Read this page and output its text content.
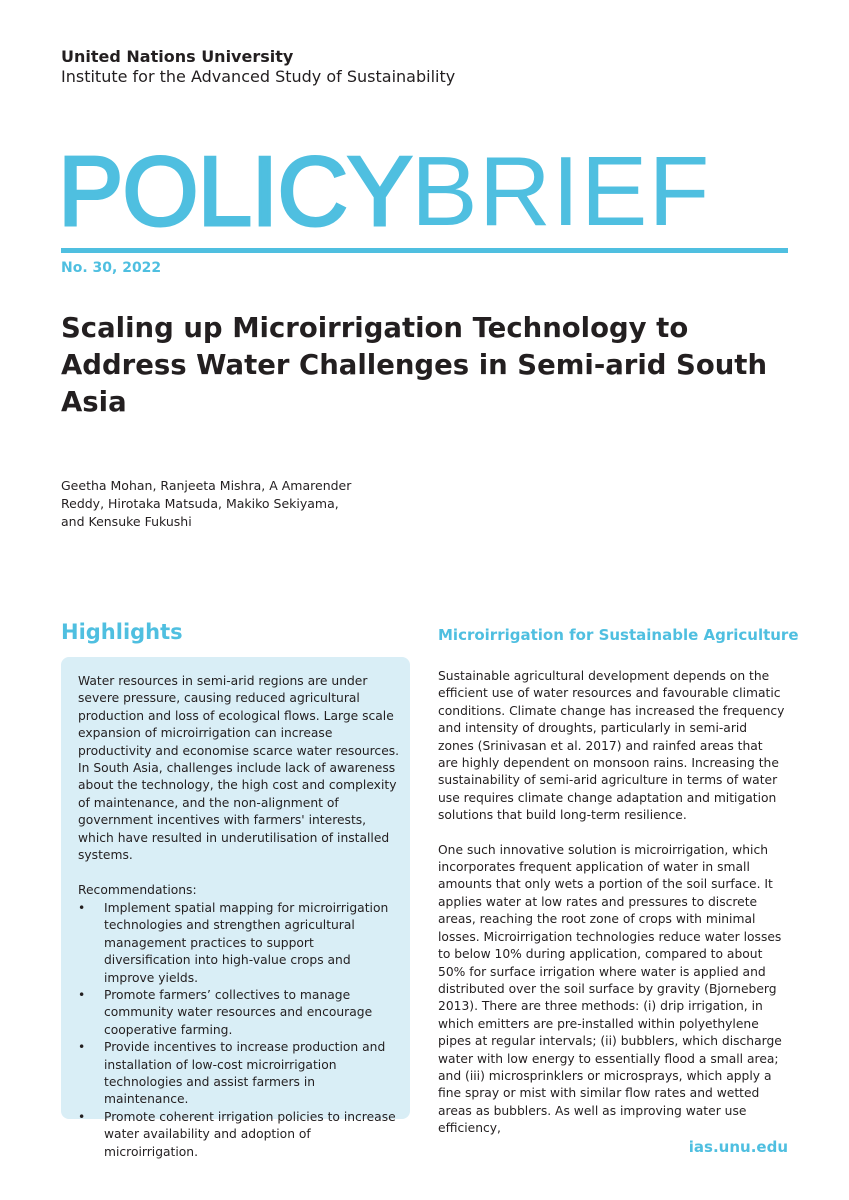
United Nations University
Institute for the Advanced Study of Sustainability
POLICYBRIEF
No. 30, 2022
Scaling up Microirrigation Technology to Address Water Challenges in Semi-arid South Asia
Geetha Mohan, Ranjeeta Mishra, A Amarender Reddy, Hirotaka Matsuda, Makiko Sekiyama, and Kensuke Fukushi
Highlights

Water resources in semi-arid regions are under severe pressure, causing reduced agricultural production and loss of ecological flows. Large scale expansion of microirrigation can increase productivity and economise scarce water resources. In South Asia, challenges include lack of awareness about the technology, the high cost and complexity of maintenance, and the non-alignment of government incentives with farmers' interests, which have resulted in underutilisation of installed systems.

Recommendations:

• Implement spatial mapping for microirrigation technologies and strengthen agricultural management practices to support diversification into high-value crops and improve yields.
• Promote farmers’ collectives to manage community water resources and encourage cooperative farming.
• Provide incentives to increase production and installation of low-cost microirrigation technologies and assist farmers in maintenance.
• Promote coherent irrigation policies to increase water availability and adoption of microirrigation.
Microirrigation for Sustainable Agriculture

Sustainable agricultural development depends on the efficient use of water resources and favourable climatic conditions. Climate change has increased the frequency and intensity of droughts, particularly in semi-arid zones (Srinivasan et al. 2017) and rainfed areas that are highly dependent on monsoon rains. Increasing the sustainability of semi-arid agriculture in terms of water use requires climate change adaptation and mitigation solutions that build long-term resilience.

One such innovative solution is microirrigation, which incorporates frequent application of water in small amounts that only wets a portion of the soil surface. It applies water at low rates and pressures to discrete areas, reaching the root zone of crops with minimal losses. Microirrigation technologies reduce water losses to below 10% during application, compared to about 50% for surface irrigation where water is applied and distributed over the soil surface by gravity (Bjorneberg 2013). There are three methods: (i) drip irrigation, in which emitters are pre-installed within polyethylene pipes at regular intervals; (ii) bubblers, which discharge water with low energy to essentially flood a small area; and (iii) microsprinklers or microsprays, which apply a fine spray or mist with similar flow rates and wetted areas as bubblers. As well as improving water use efficiency,

ias.unu.edu
